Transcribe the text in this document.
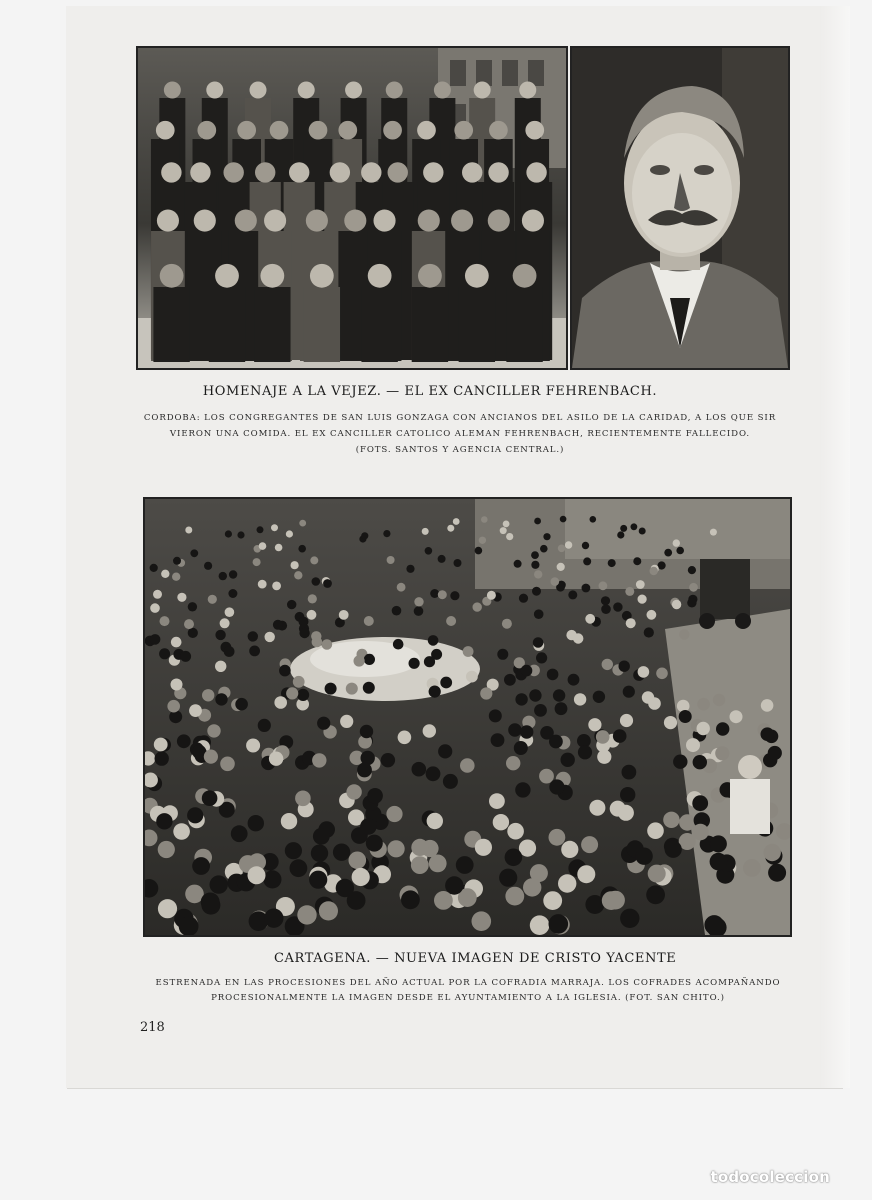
HOMENAJE A LA VEJEZ. — EL EX CANCILLER FEHRENBACH.
CORDOBA: LOS CONGREGANTES DE SAN LUIS GONZAGA CON ANCIANOS DEL ASILO DE LA CARIDAD, A LOS QUE SIR
VIERON UNA COMIDA. EL EX CANCILLER CATOLICO ALEMAN FEHRENBACH, RECIENTEMENTE FALLECIDO.
(FOTS. SANTOS Y AGENCIA CENTRAL.)
CARTAGENA. — NUEVA IMAGEN DE CRISTO YACENTE
ESTRENADA EN LAS PROCESIONES DEL AÑO ACTUAL POR LA COFRADIA MARRAJA. LOS COFRADES ACOMPAÑANDO
PROCESIONALMENTE LA IMAGEN DESDE EL AYUNTAMIENTO A LA IGLESIA. (FOT. SAN CHITO.)
218
todocoleccion
